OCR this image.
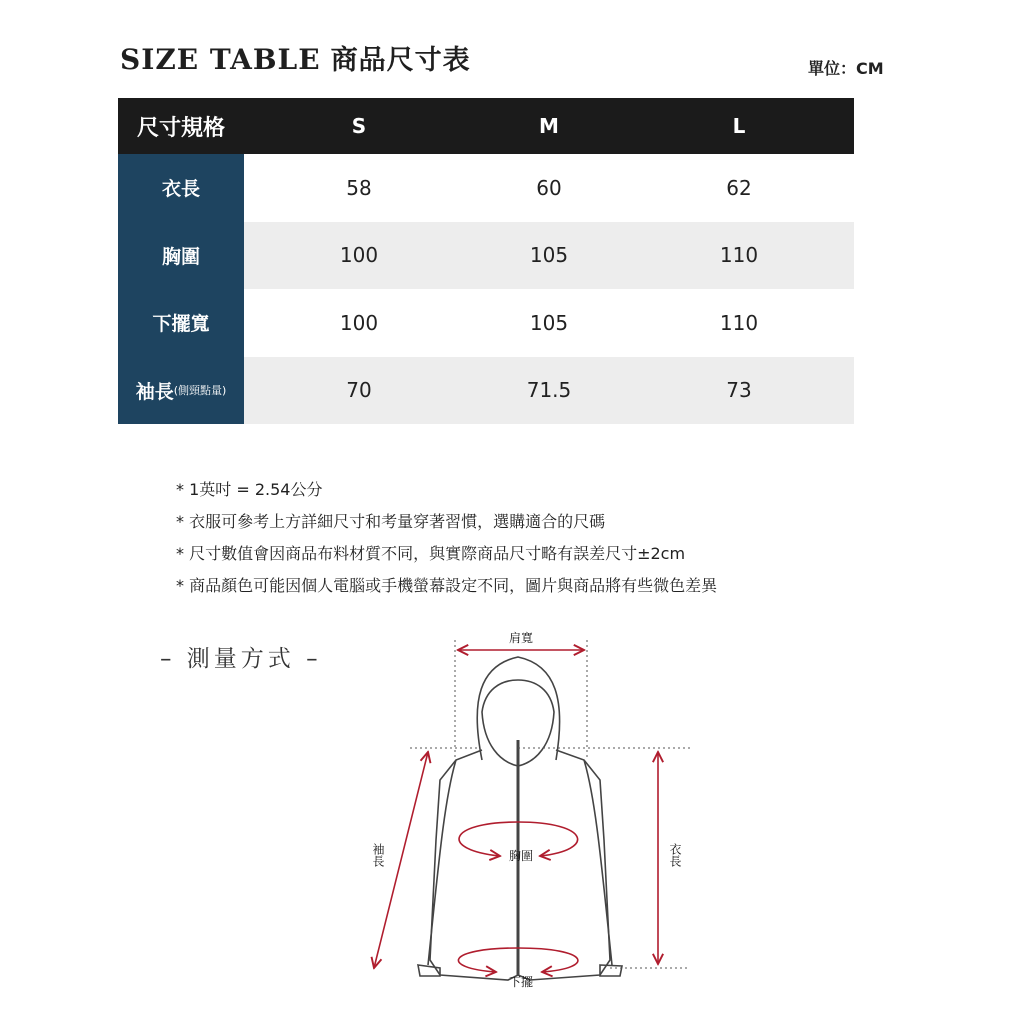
SIZE TABLE 商品尺寸表	單位：CM
尺寸規格	S	M	L
衣長	58	60	62
胸圍	100	105	110
下擺寬	100	105	110
袖長 (側頸點量)	70	71.5	73
* 1英吋 = 2.54公分
* 衣服可參考上方詳細尺寸和考量穿著習慣，選購適合的尺碼
* 尺寸數值會因商品布料材質不同，與實際商品尺寸略有誤差尺寸±2cm
* 商品顏色可能因個人電腦或手機螢幕設定不同，圖片與商品將有些微色差異
– 測量方式 –
肩寬
胸圍
下擺
衣長
袖長
